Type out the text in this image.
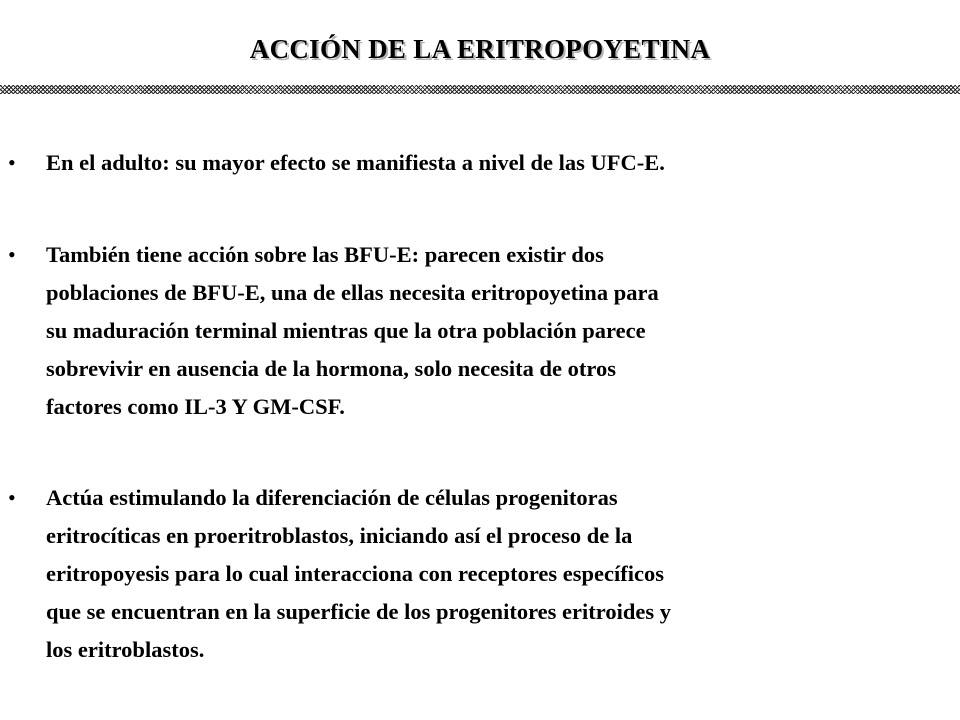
ACCIÓN DE LA ERITROPOYETINA
• En el adulto: su mayor efecto se manifiesta a nivel de las UFC-E.
• También tiene acción sobre las BFU-E: parecen existir dos
poblaciones de BFU-E, una de ellas necesita eritropoyetina para
su maduración terminal mientras que la otra población parece
sobrevivir en ausencia de la hormona, solo necesita de otros
factores como IL-3 Y GM-CSF.
• Actúa estimulando la diferenciación de células progenitoras
eritrocíticas en proeritroblastos, iniciando así el proceso de la
eritropoyesis para lo cual interacciona con receptores específicos
que se encuentran en la superficie de los progenitores eritroides y
los eritroblastos.
